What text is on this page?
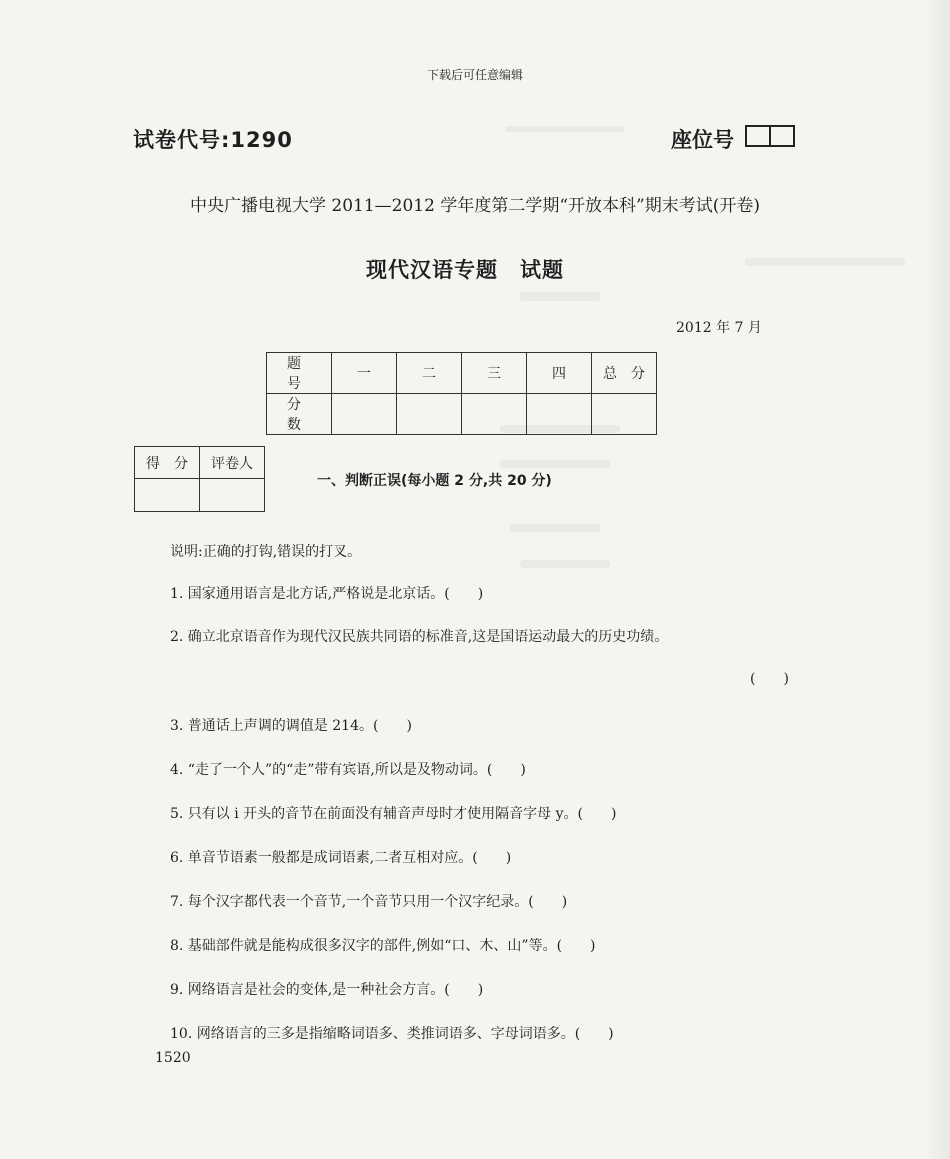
下载后可任意编辑
试卷代号:1290	座位号
中央广播电视大学 2011—2012 学年度第二学期“开放本科”期末考试(开卷)
现代汉语专题　试题
2012 年 7 月
题　号	一	二	三	四	总　分
分　数					
得　分	评卷人

一、判断正误(每小题 2 分,共 20 分)
说明:正确的打钩,错误的打叉。
1. 国家通用语言是北方话,严格说是北京话。(　　)
2. 确立北京语音作为现代汉民族共同语的标准音,这是国语运动最大的历史功绩。
(　　)
3. 普通话上声调的调值是 214。(　　)
4. “走了一个人”的“走”带有宾语,所以是及物动词。(　　)
5. 只有以 i 开头的音节在前面没有辅音声母时才使用隔音字母 y。(　　)
6. 单音节语素一般都是成词语素,二者互相对应。(　　)
7. 每个汉字都代表一个音节,一个音节只用一个汉字纪录。(　　)
8. 基础部件就是能构成很多汉字的部件,例如“口、木、山”等。(　　)
9. 网络语言是社会的变体,是一种社会方言。(　　)
10. 网络语言的三多是指缩略词语多、类推词语多、字母词语多。(　　)
1520
